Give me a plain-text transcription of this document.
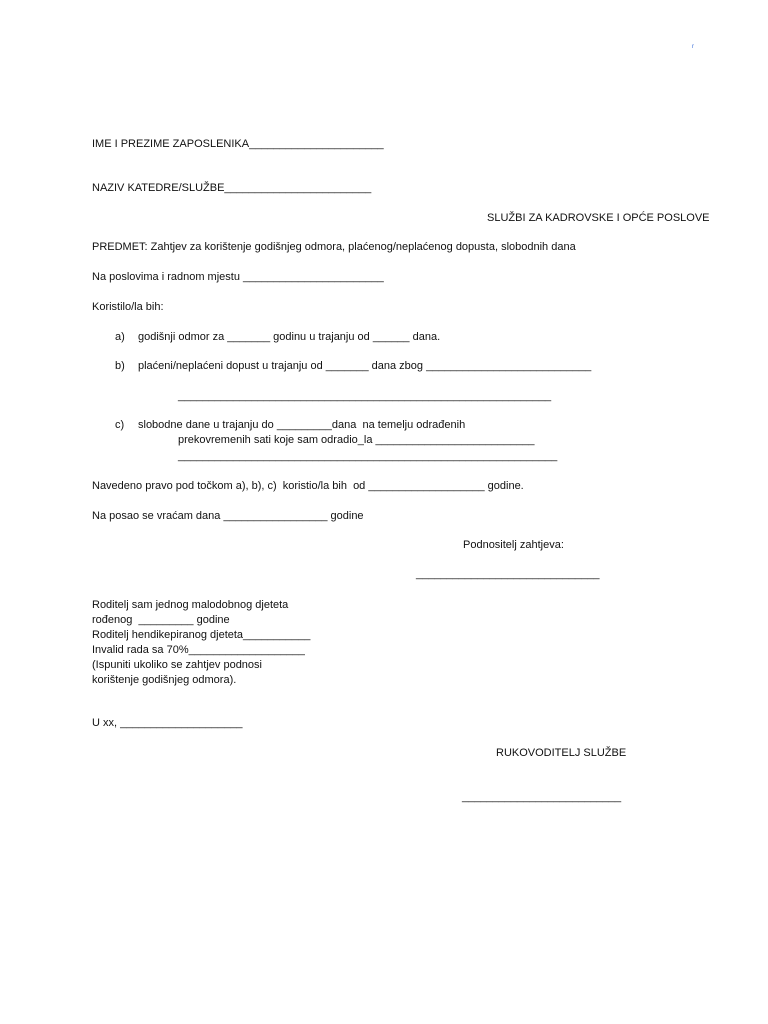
r
IME I PREZIME ZAPOSLENIKA______________________
NAZIV KATEDRE/SLUŽBE________________________
SLUŽBI ZA KADROVSKE I OPĆE POSLOVE
PREDMET: Zahtjev za korištenje godišnjeg odmora, plaćenog/neplaćenog dopusta, slobodnih dana
Na poslovima i radnom mjestu _______________________
Koristilo/la bih:
a) godišnji odmor za _______ godinu u trajanju od ______ dana.
b) plaćeni/neplaćeni dopust u trajanju od _______ dana zbog ___________________________
_____________________________________________________________
c) slobodne dane u trajanju do _________dana  na temelju odrađenih
prekovremenih sati koje sam odradio_la __________________________
______________________________________________________________
Navedeno pravo pod točkom a), b), c)  koristio/la bih  od ___________________ godine.
Na posao se vraćam dana _________________ godine
Podnositelj zahtjeva:
______________________________
Roditelj sam jednog malodobnog djeteta
rođenog  _________ godine
Roditelj hendikepiranog djeteta___________
Invalid rada sa 70%___________________
(Ispuniti ukoliko se zahtjev podnosi
korištenje godišnjeg odmora).
U xx, ____________________
RUKOVODITELJ SLUŽBE
__________________________
